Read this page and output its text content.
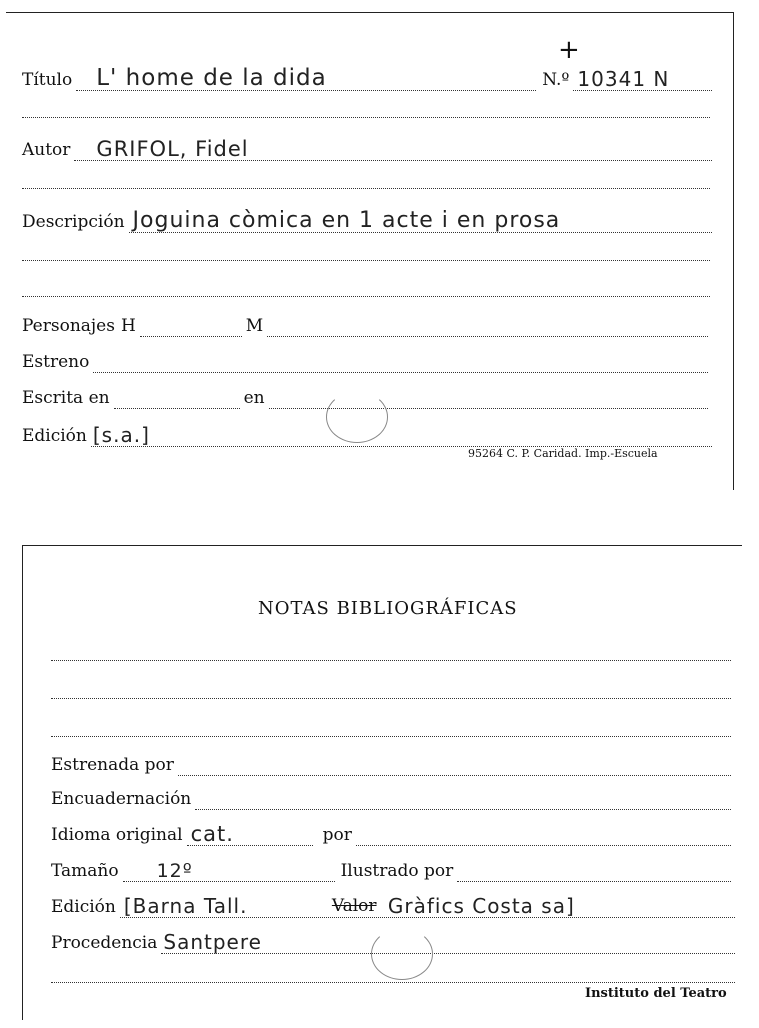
+
Título L' home de la dida	N.º 10341 N
Autor GRIFOL, Fidel
Descripción Joguina còmica en 1 acte i en prosa
Personajes H	M
Estreno
Escrita en	en
Edición [s.a.]
95264 C. P. Caridad. Imp.-Escuela
NOTAS BIBLIOGRÁFICAS
Estrenada por
Encuadernación
Idioma original cat.	por
Tamaño 12º	Ilustrado por
Edición [Barna Tall.	Valor Gràfics Costa sa]
Procedencia Santpere
Instituto del Teatro
